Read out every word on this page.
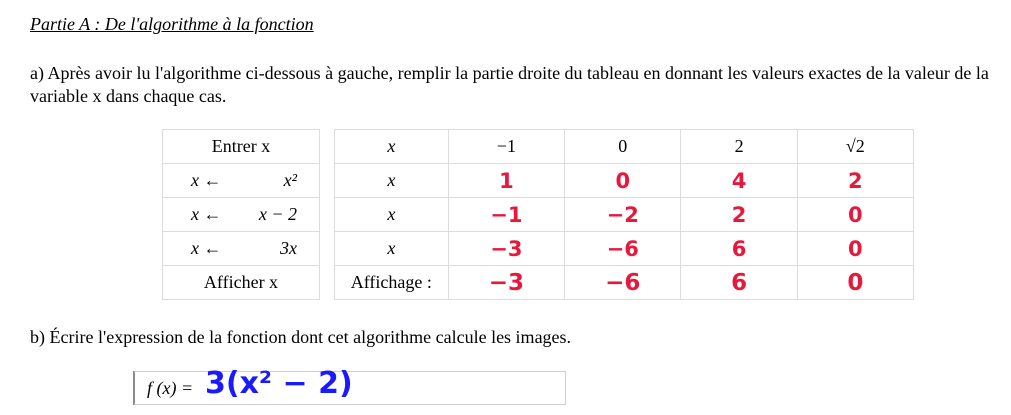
Partie A : De l'algorithme à la fonction
a) Après avoir lu l'algorithme ci-dessous à gauche, remplir la partie droite du tableau en donnant les valeurs exactes de la valeur de la variable x dans chaque cas.
Entrer x

x ←	x²

x ← x − 2

x ←	3x

Afficher x
x	−1	0	2	√2
x	1	0	4	2
x	−1	−2	2	0
x	−3	−6	6	0
Affichage :	−3	−6	6	0
b) Écrire l'expression de la fonction dont cet algorithme calcule les images.
f (x) = 3(x² − 2)
